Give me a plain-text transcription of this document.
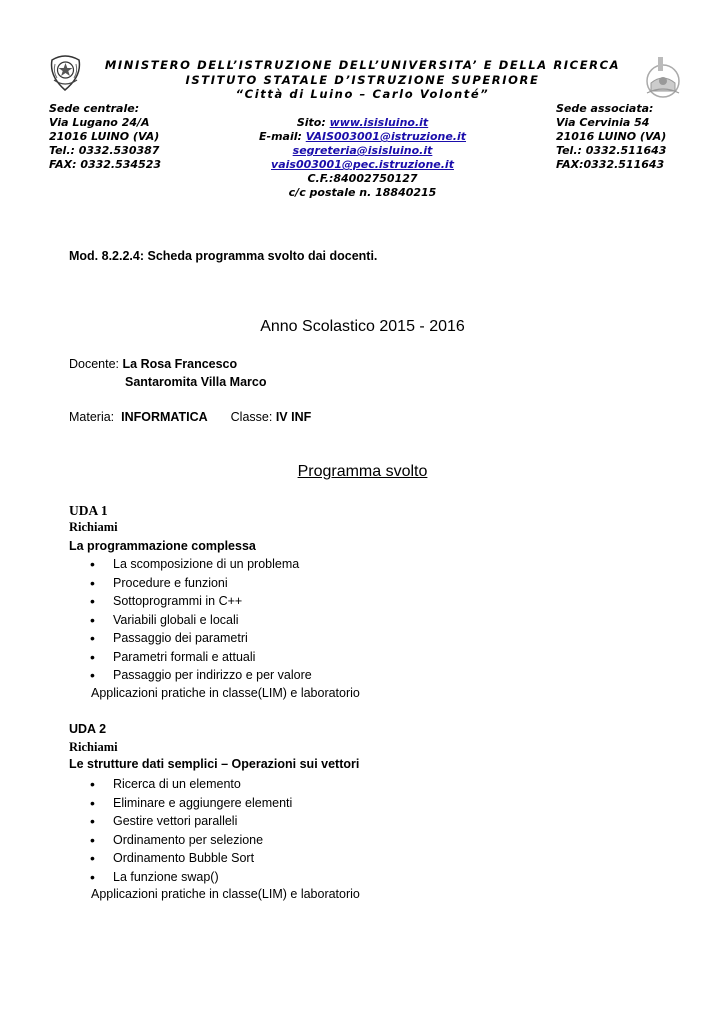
MINISTERO DELL’ISTRUZIONE DELL’UNIVERSITA’ E DELLA RICERCA
ISTITUTO STATALE D’ISTRUZIONE SUPERIORE
“Città di Luino – Carlo Volonté”
Sede centrale:
Via Lugano 24/A
21016 LUINO (VA)
Tel.: 0332.530387
FAX: 0332.534523
Sito: www.isisluino.it
E-mail: VAIS003001@istruzione.it
segreteria@isisluino.it
vais003001@pec.istruzione.it
C.F.:84002750127
c/c postale n. 18840215
Sede associata:
Via Cervinia 54
21016 LUINO (VA)
Tel.: 0332.511643
FAX:0332.511643
Mod. 8.2.2.4: Scheda programma svolto dai docenti.
Anno Scolastico 2015 - 2016
Docente: La Rosa Francesco
Santaromita Villa Marco
Materia: INFORMATICA Classe: IV INF
Programma svolto
UDA 1
Richiami
La programmazione complessa
• La scomposizione di un problema
• Procedure e funzioni
• Sottoprogrammi in C++
• Variabili globali e locali
• Passaggio dei parametri
• Parametri formali e attuali
• Passaggio per indirizzo e per valore
Applicazioni pratiche in classe(LIM) e laboratorio
UDA 2
Richiami
Le strutture dati semplici – Operazioni sui vettori
• Ricerca di un elemento
• Eliminare e aggiungere elementi
• Gestire vettori paralleli
• Ordinamento per selezione
• Ordinamento Bubble Sort
• La funzione swap()
Applicazioni pratiche in classe(LIM) e laboratorio
